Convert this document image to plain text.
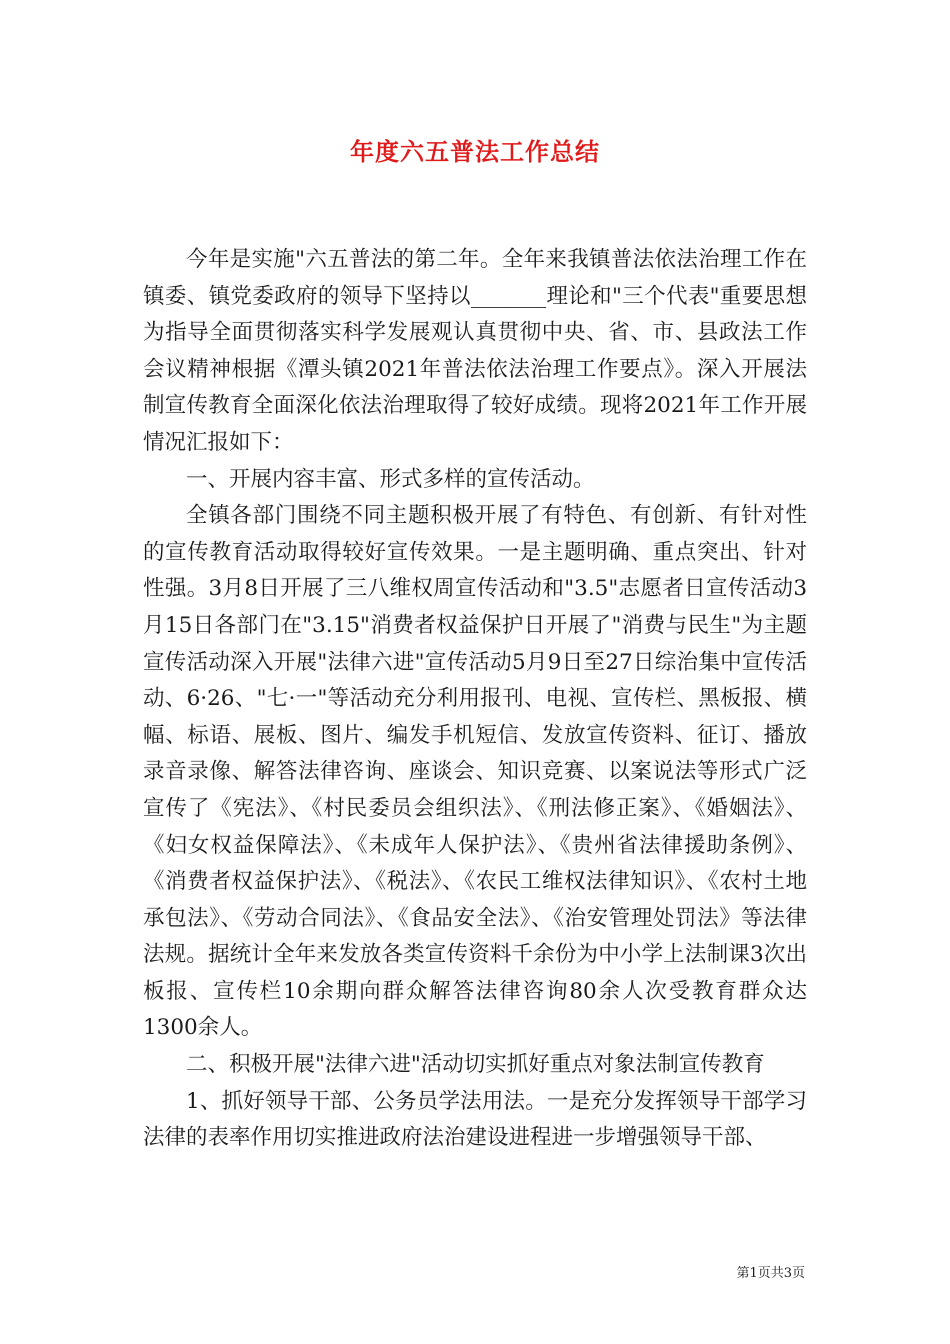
年度六五普法工作总结

今年是实施"六五普法的第二年。全年来我镇普法依法治理工作在镇委、镇党委政府的领导下坚持以_______理论和"三个代表"重要思想为指导全面贯彻落实科学发展观认真贯彻中央、省、市、县政法工作会议精神根据《潭头镇2021年普法依法治理工作要点》。深入开展法制宣传教育全面深化依法治理取得了较好成绩。现将2021年工作开展情况汇报如下：

一、开展内容丰富、形式多样的宣传活动。

全镇各部门围绕不同主题积极开展了有特色、有创新、有针对性的宣传教育活动取得较好宣传效果。一是主题明确、重点突出、针对性强。3月8日开展了三八维权周宣传活动和"3.5"志愿者日宣传活动3月15日各部门在"3.15"消费者权益保护日开展了"消费与民生"为主题宣传活动深入开展"法律六进"宣传活动5月9日至27日综治集中宣传活动、6·26、"七·一"等活动充分利用报刊、电视、宣传栏、黑板报、横幅、标语、展板、图片、编发手机短信、发放宣传资料、征订、播放录音录像、解答法律咨询、座谈会、知识竞赛、以案说法等形式广泛宣传了《宪法》、《村民委员会组织法》、《刑法修正案》、《婚姻法》、《妇女权益保障法》、《未成年人保护法》、《贵州省法律援助条例》、《消费者权益保护法》、《税法》、《农民工维权法律知识》、《农村土地承包法》、《劳动合同法》、《食品安全法》、《治安管理处罚法》等法律法规。据统计全年来发放各类宣传资料千余份为中小学上法制课3次出板报、宣传栏10余期向群众解答法律咨询80余人次受教育群众达1300余人。

二、积极开展"法律六进"活动切实抓好重点对象法制宣传教育

1、抓好领导干部、公务员学法用法。一是充分发挥领导干部学习法律的表率作用切实推进政府法治建设进程进一步增强领导干部、

第1页共3页
